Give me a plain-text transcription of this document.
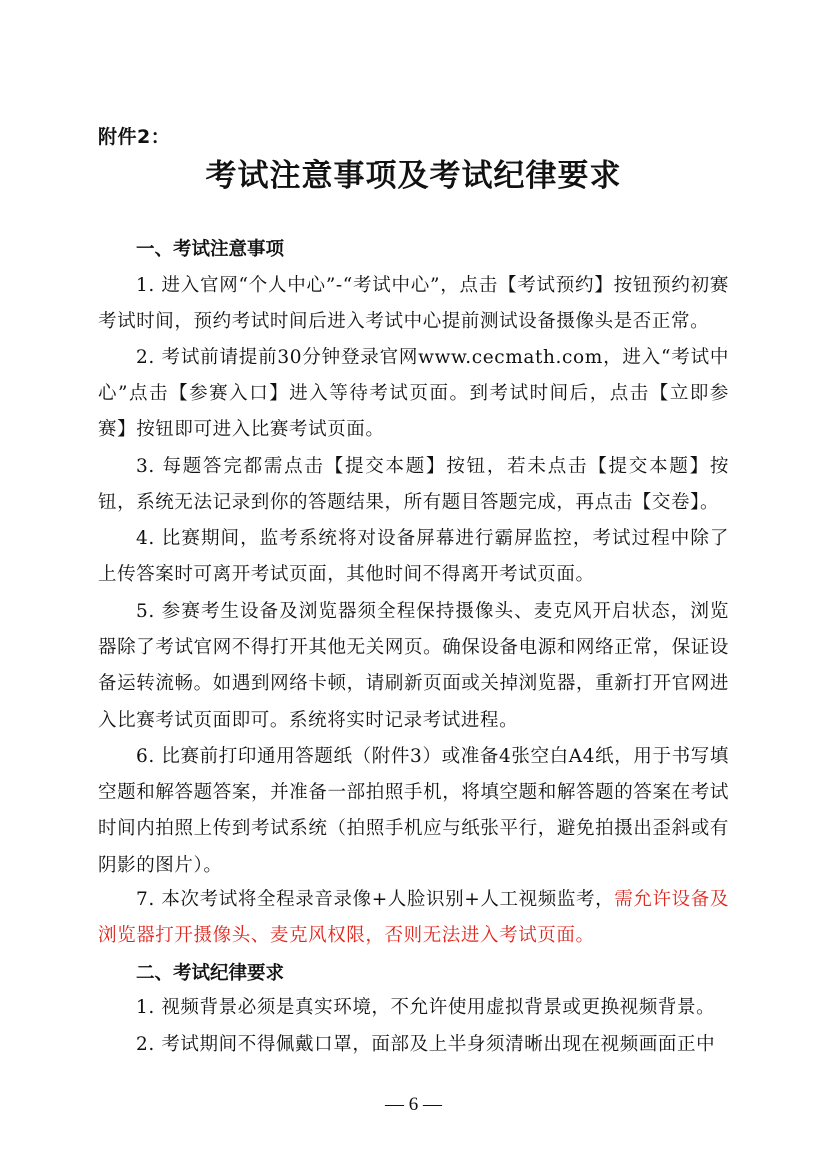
附件2：
考试注意事项及考试纪律要求
一、考试注意事项
1. 进入官网“个人中心”-“考试中心”，点击【考试预约】按钮预约初赛考试时间，预约考试时间后进入考试中心提前测试设备摄像头是否正常。
2. 考试前请提前30分钟登录官网www.cecmath.com，进入“考试中心”点击【参赛入口】进入等待考试页面。到考试时间后，点击【立即参赛】按钮即可进入比赛考试页面。
3. 每题答完都需点击【提交本题】按钮，若未点击【提交本题】按钮，系统无法记录到你的答题结果，所有题目答题完成，再点击【交卷】。
4. 比赛期间，监考系统将对设备屏幕进行霸屏监控，考试过程中除了上传答案时可离开考试页面，其他时间不得离开考试页面。
5. 参赛考生设备及浏览器须全程保持摄像头、麦克风开启状态，浏览器除了考试官网不得打开其他无关网页。确保设备电源和网络正常，保证设备运转流畅。如遇到网络卡顿，请刷新页面或关掉浏览器，重新打开官网进入比赛考试页面即可。系统将实时记录考试进程。
6. 比赛前打印通用答题纸（附件3）或准备4张空白A4纸，用于书写填空题和解答题答案，并准备一部拍照手机，将填空题和解答题的答案在考试时间内拍照上传到考试系统（拍照手机应与纸张平行，避免拍摄出歪斜或有阴影的图片）。
7. 本次考试将全程录音录像+人脸识别+人工视频监考，需允许设备及浏览器打开摄像头、麦克风权限，否则无法进入考试页面。
二、考试纪律要求
1. 视频背景必须是真实环境，不允许使用虚拟背景或更换视频背景。
2. 考试期间不得佩戴口罩，面部及上半身须清晰出现在视频画面正中
— 6 —
